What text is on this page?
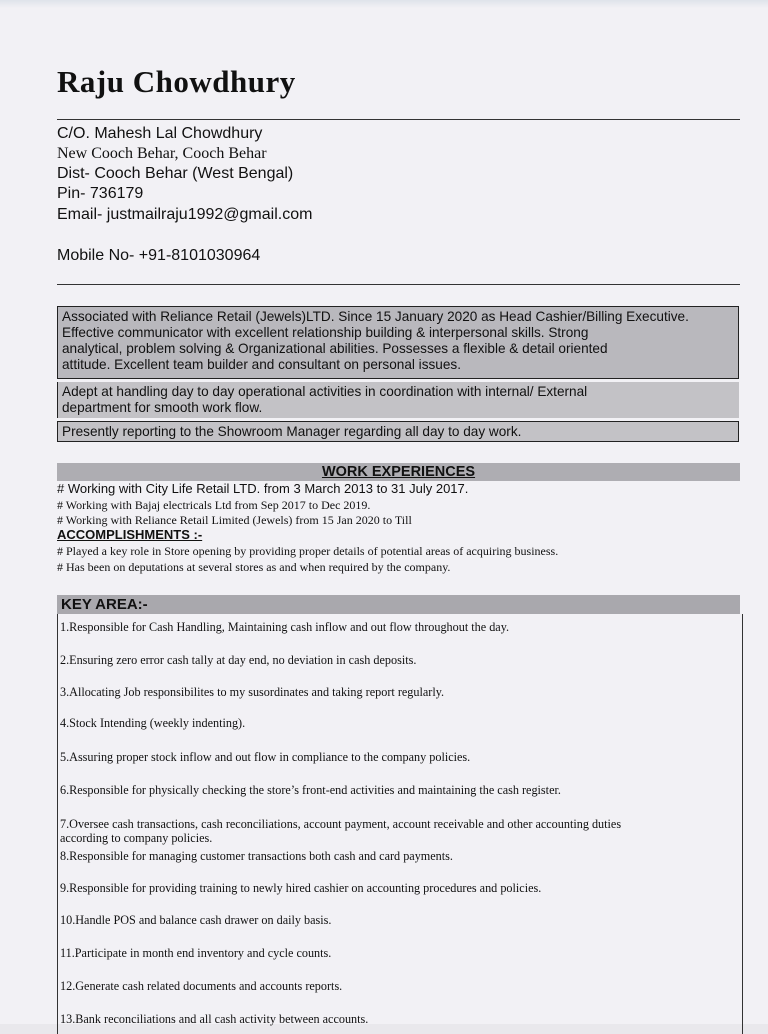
Raju Chowdhury
C/O. Mahesh Lal Chowdhury
New Cooch Behar, Cooch Behar
Dist- Cooch Behar (West Bengal)
Pin- 736179
Email- justmailraju1992@gmail.com
Mobile No- +91-8101030964
Associated with Reliance Retail (Jewels)LTD. Since 15 January 2020 as Head Cashier/Billing Executive.
Effective communicator with excellent relationship building & interpersonal skills. Strong
analytical, problem solving & Organizational abilities. Possesses a flexible & detail oriented
attitude. Excellent team builder and consultant on personal issues.
Adept at handling day to day operational activities in coordination with internal/ External
department for smooth work flow.
Presently reporting to the Showroom Manager regarding all day to day work.
WORK EXPERIENCES
# Working with City Life Retail LTD. from 3 March 2013 to 31 July 2017.
# Working with Bajaj electricals Ltd from Sep 2017 to Dec 2019.
# Working with Reliance Retail Limited (Jewels) from 15 Jan 2020 to Till
ACCOMPLISHMENTS :-
# Played a key role in Store opening by providing proper details of potential areas of acquiring business.
# Has been on deputations at several stores as and when required by the company.
KEY AREA:-
1.Responsible for Cash Handling, Maintaining cash inflow and out flow throughout the day.
2.Ensuring zero error cash tally at day end, no deviation in cash deposits.
3.Allocating Job responsibilites to my susordinates and taking report regularly.
4.Stock Intending (weekly indenting).
5.Assuring proper stock inflow and out flow in compliance to the company policies.
6.Responsible for physically checking the store’s front-end activities and maintaining the cash register.
7.Oversee cash transactions, cash reconciliations, account payment, account receivable and other accounting duties
according to company policies.
8.Responsible for managing customer transactions both cash and card payments.
9.Responsible for providing training to newly hired cashier on accounting procedures and policies.
10.Handle POS and balance cash drawer on daily basis.
11.Participate in month end inventory and cycle counts.
12.Generate cash related documents and accounts reports.
13.Bank reconciliations and all cash activity between accounts.
